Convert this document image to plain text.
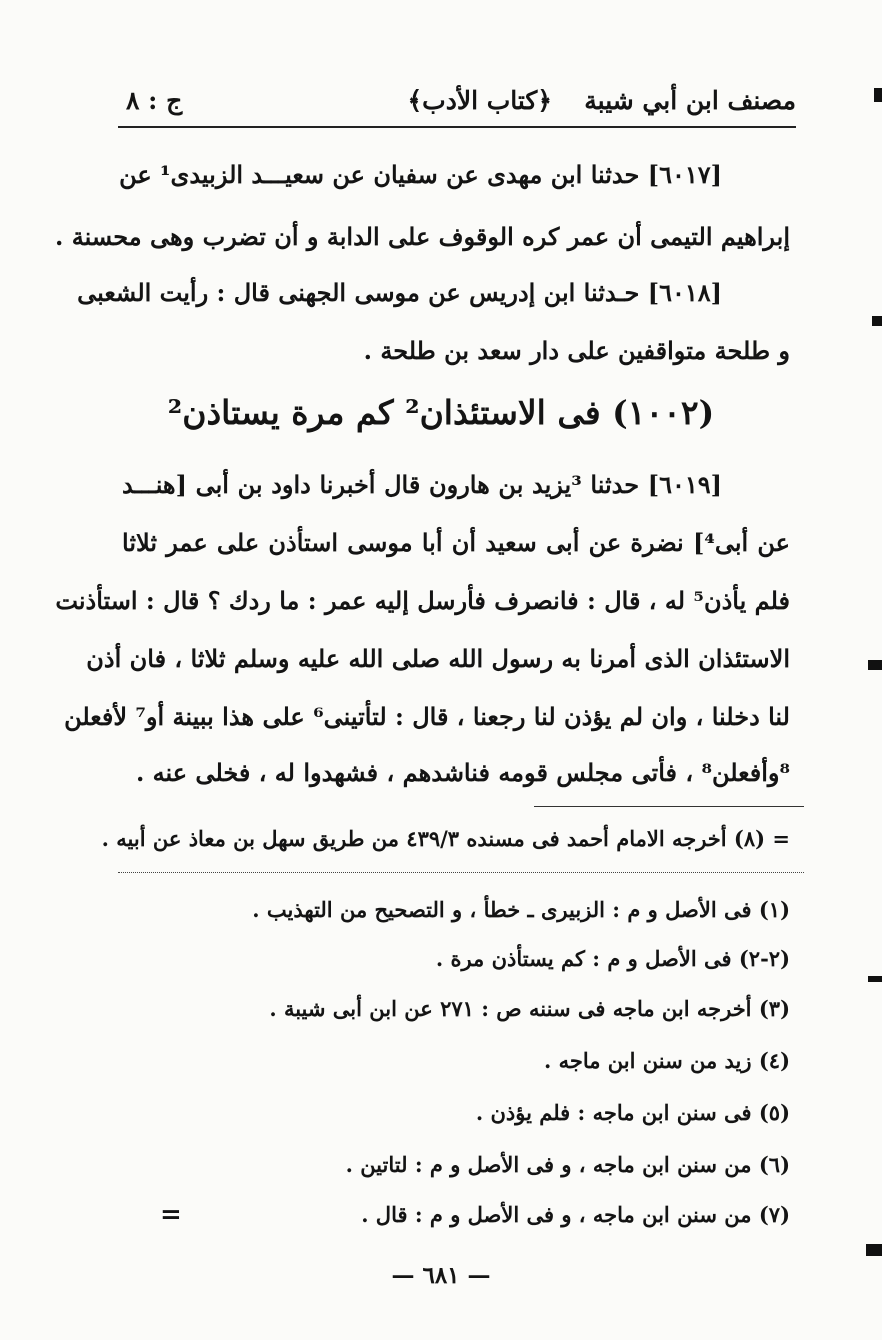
مصنف ابن أبي شيبة
﴿كتاب الأدب﴾
ج : ٨
[٦٠١٧] حدثنا ابن مهدى عن سفيان عن سعيـــد الزبيدى¹ عن
إبراهيم التيمى أن عمر كره الوقوف على الدابة و أن تضرب وهى محسنة .
[٦٠١٨] حـدثنا ابن إدريس عن موسى الجهنى قال : رأيت الشعبى
و طلحة متواقفين على دار سعد بن طلحة .
(١٠٠٢) فى الاستئذان² كم مرة يستاذن²
[٦٠١٩] حدثنا ³يزيد بن هارون قال أخبرنا داود بن أبى [هنـــد
عن أبى⁴] نضرة عن أبى سعيد أن أبا موسى استأذن على عمر ثلاثا
فلم يأذن⁵ له ، قال : فانصرف فأرسل إليه عمر : ما ردك ؟ قال : استأذنت
الاستئذان الذى أمرنا به رسول الله صلى الله عليه وسلم ثلاثا ، فان أذن
لنا دخلنا ، وان لم يؤذن لنا رجعنا ، قال : لتأتينى⁶ على هذا ببينة أو⁷ لأفعلن
⁸وأفعلن⁸ ، فأتى مجلس قومه فناشدهم ، فشهدوا له ، فخلى عنه .
= (٨) أخرجه الامام أحمد فى مسنده ٤٣٩/٣ من طريق سهل بن معاذ عن أبيه .
(١) فى الأصل و م : الزبيرى ـ خطأ ، و التصحيح من التهذيب .
(٢-٢) فى الأصل و م : كم يستأذن مرة .
(٣) أخرجه ابن ماجه فى سننه ص : ٢٧١ عن ابن أبى شيبة .
(٤) زيد من سنن ابن ماجه .
(٥) فى سنن ابن ماجه : فلم يؤذن .
(٦) من سنن ابن ماجه ، و فى الأصل و م : لتاتين .
(٧) من سنن ابن ماجه ، و فى الأصل و م : قال .
=
— ٦٨١ —
